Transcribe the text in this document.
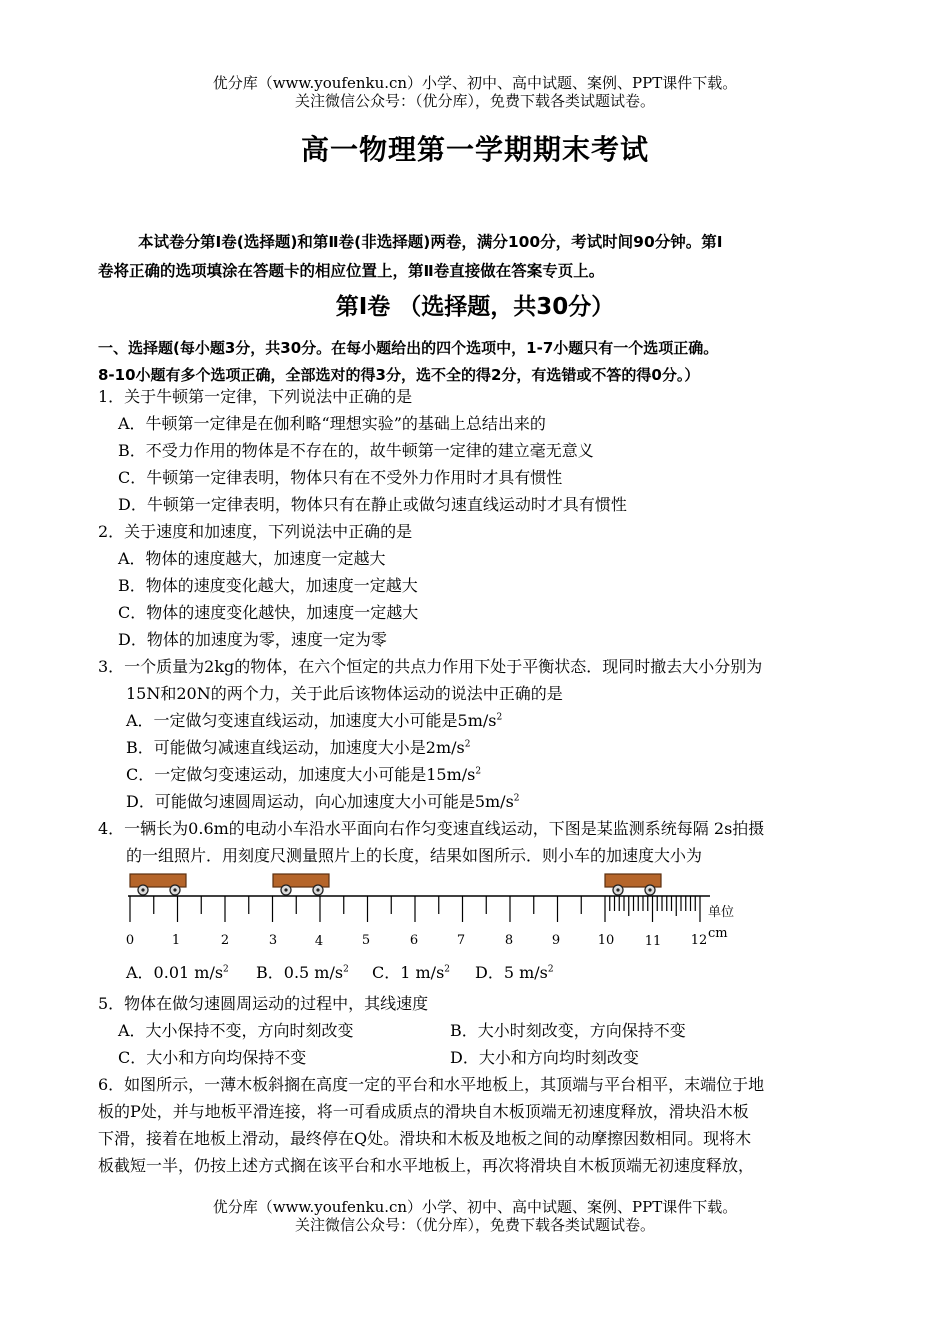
优分库（www.youfenku.cn）小学、初中、高中试题、案例、PPT课件下载。
关注微信公众号：（优分库），免费下载各类试题试卷。
高一物理第一学期期末考试

本试卷分第Ⅰ卷(选择题)和第Ⅱ卷(非选择题)两卷，满分100分，考试时间90分钟。第Ⅰ

卷将正确的选项填涂在答题卡的相应位置上，第Ⅱ卷直接做在答案专页上。

第Ⅰ卷 （选择题，共30分）

一、选择题(每小题3分，共30分。在每小题给出的四个选项中，1-7小题只有一个选项正确。

8-10小题有多个选项正确，全部选对的得3分，选不全的得2分，有选错或不答的得0分。）

1．关于牛顿第一定律，下列说法中正确的是
A．牛顿第一定律是在伽利略“理想实验”的基础上总结出来的
B．不受力作用的物体是不存在的，故牛顿第一定律的建立毫无意义
C．牛顿第一定律表明，物体只有在不受外力作用时才具有惯性
D．牛顿第一定律表明，物体只有在静止或做匀速直线运动时才具有惯性
2．关于速度和加速度，下列说法中正确的是
A．物体的速度越大，加速度一定越大
B．物体的速度变化越大，加速度一定越大
C．物体的速度变化越快，加速度一定越大
D．物体的加速度为零，速度一定为零
3．一个质量为2kg的物体，在六个恒定的共点力作用下处于平衡状态．现同时撤去大小分别为
15N和20N的两个力，关于此后该物体运动的说法中正确的是
A．一定做匀变速直线运动，加速度大小可能是$5m/s^2$
B．可能做匀减速直线运动，加速度大小是$2m/s^2$
C．一定做匀变速运动，加速度大小可能是$15m/s^2$
D．可能做匀速圆周运动，向心加速度大小可能是$5m/s^2$
4．一辆长为0.6m的电动小车沿水平面向右作匀变速直线运动，下图是某监测系统每隔 2s拍摄
的一组照片．用刻度尺测量照片上的长度，结果如图所示．则小车的加速度大小为
0	1	2	3	4	5	6	7	8	9	10 11 12
单位
cm
A．0.01 $m/s^2$ B．0.5 $m/s^2$ C．1 $m/s^2$ D．5 $m/s^2$
5．物体在做匀速圆周运动的过程中，其线速度
A．大小保持不变，方向时刻改变	B．大小时刻改变，方向保持不变
C．大小和方向均保持不变	D．大小和方向均时刻改变
6．如图所示，一薄木板斜搁在高度一定的平台和水平地板上，其顶端与平台相平，末端位于地
板的P处，并与地板平滑连接，将一可看成质点的滑块自木板顶端无初速度释放，滑块沿木板
下滑，接着在地板上滑动，最终停在Q处。滑块和木板及地板之间的动摩擦因数相同。现将木
板截短一半，仍按上述方式搁在该平台和水平地板上，再次将滑块自木板顶端无初速度释放，
优分库（www.youfenku.cn）小学、初中、高中试题、案例、PPT课件下载。
关注微信公众号：（优分库），免费下载各类试题试卷。
